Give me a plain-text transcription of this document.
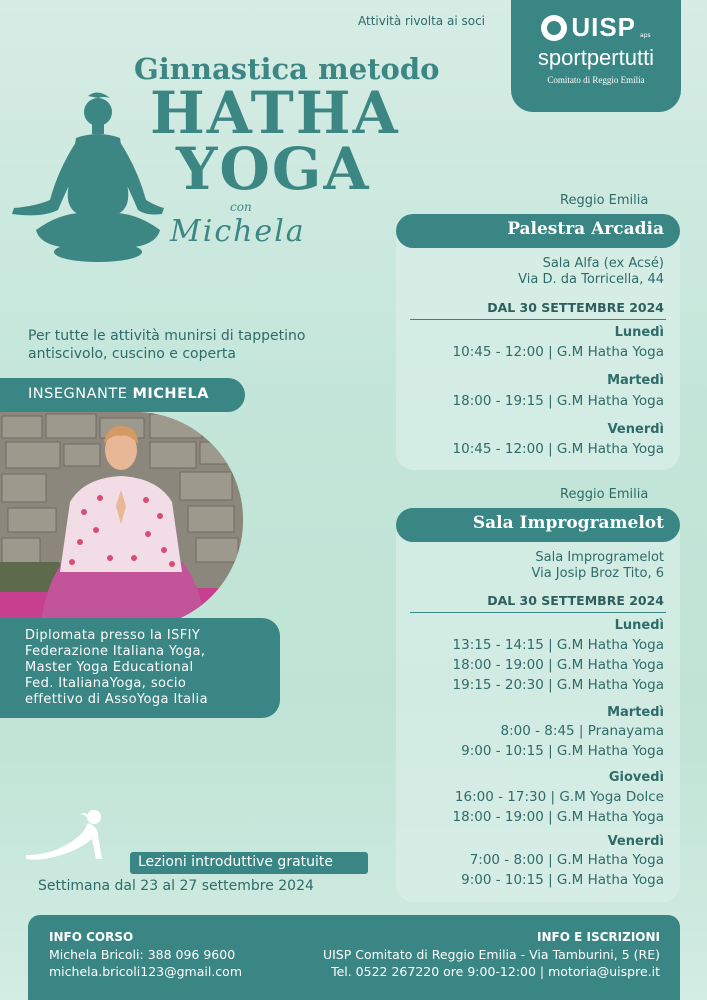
Attività rivolta ai soci	UISP aps
sportpertutti
Comitato di Reggio Emilia
Ginnastica metodo
HATHA
YOGA
con
Michela
Per tutte le attività munirsi di tappetino antiscivolo, cuscino e coperta
INSEGNANTE MICHELA
Diplomata presso la ISFIY
Federazione Italiana Yoga,
Master Yoga Educational
Fed. ItalianaYoga, socio
effettivo di AssoYoga Italia
Lezioni introduttive gratuite
Settimana dal 23 al 27 settembre 2024
Reggio Emilia
Palestra Arcadia
Sala Alfa (ex Acsé)
Via D. da Torricella, 44
DAL 30 SETTEMBRE 2024
Lunedì
10:45 - 12:00 | G.M Hatha Yoga
Martedì
18:00 - 19:15 | G.M Hatha Yoga
Venerdì
10:45 - 12:00 | G.M Hatha Yoga
Reggio Emilia
Sala Improgramelot
Sala Improgramelot
Via Josip Broz Tito, 6
DAL 30 SETTEMBRE 2024
Lunedì
13:15 - 14:15 | G.M Hatha Yoga
18:00 - 19:00 | G.M Hatha Yoga
19:15 - 20:30 | G.M Hatha Yoga
Martedì
8:00 - 8:45 | Pranayama
9:00 - 10:15 | G.M Hatha Yoga
Giovedì
16:00 - 17:30 | G.M Yoga Dolce
18:00 - 19:00 | G.M Hatha Yoga
Venerdì
7:00 - 8:00 | G.M Hatha Yoga
9:00 - 10:15 | G.M Hatha Yoga
INFO CORSO
Michela Bricoli: 388 096 9600
michela.bricoli123@gmail.com
INFO E ISCRIZIONI
UISP Comitato di Reggio Emilia - Via Tamburini, 5 (RE)
Tel. 0522 267220 ore 9:00-12:00 | motoria@uispre.it
